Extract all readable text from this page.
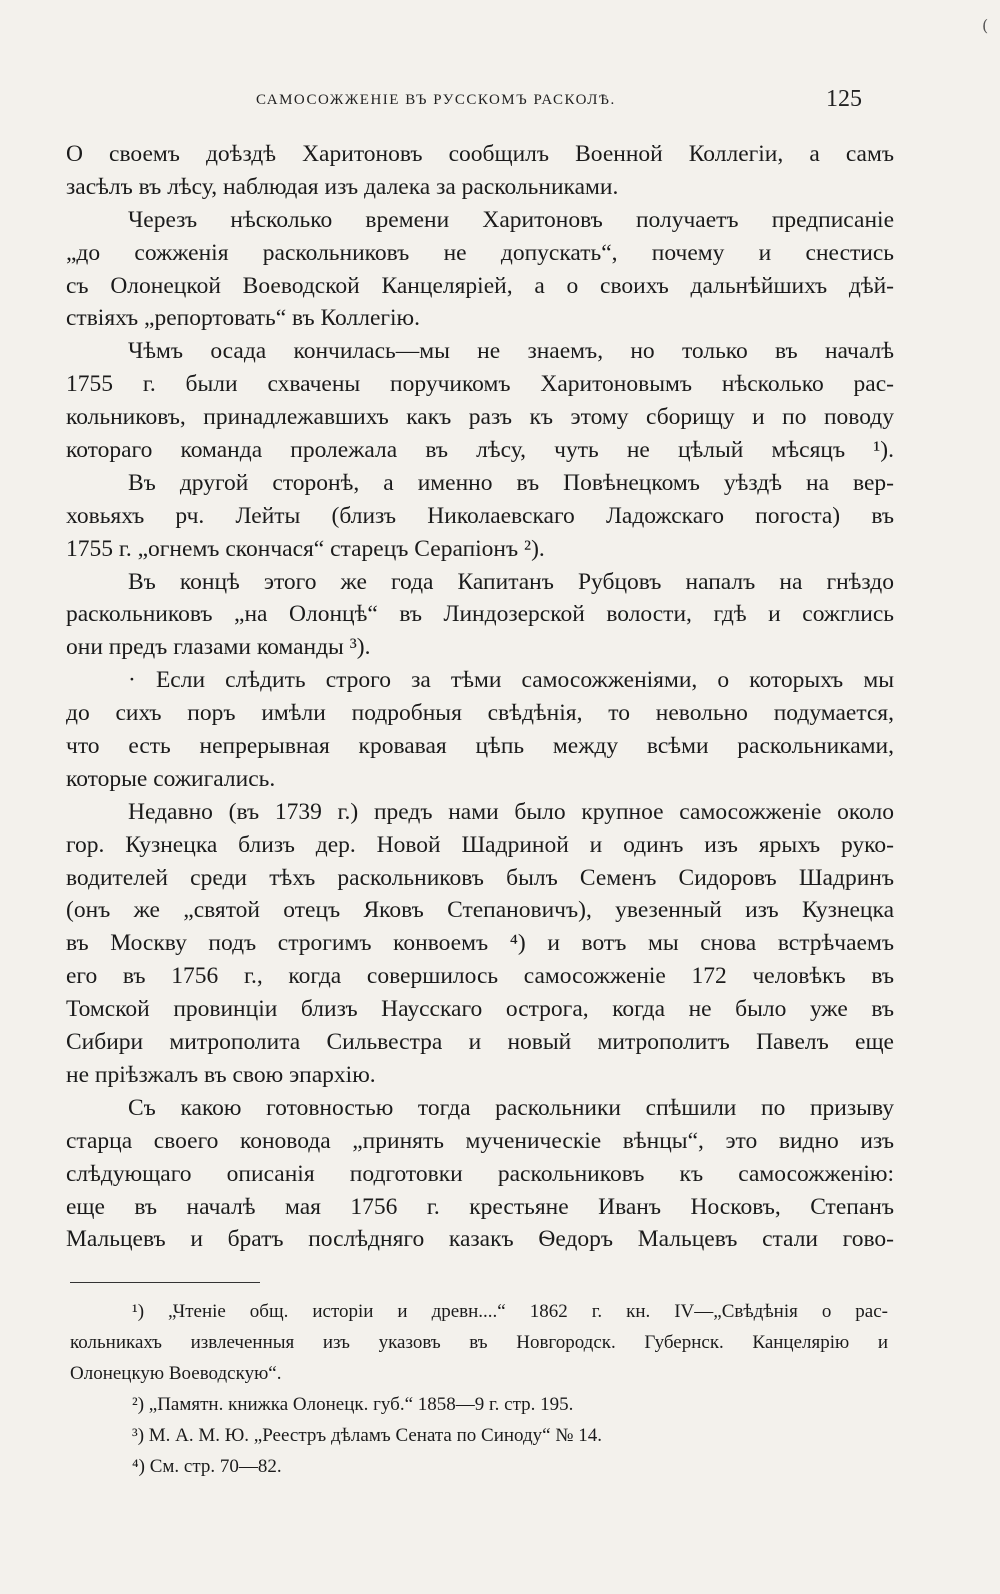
(
САМОСОЖЖЕНІЕ ВЪ РУССКОМЪ РАСКОЛѢ.	125
О своемъ доѣздѣ Харитоновъ сообщилъ Военной Коллегіи, а самъ
засѣлъ въ лѣсу, наблюдая изъ далека за раскольниками.
Черезъ нѣсколько времени Харитоновъ получаетъ предписаніе
„до сожженія раскольниковъ не допускать“, почему и снестись
съ Олонецкой Воеводской Канцеляріей, а о своихъ дальнѣйшихъ дѣй-
ствіяхъ „репортовать“ въ Коллегію.
Чѣмъ осада кончилась—мы не знаемъ, но только въ началѣ
1755 г. были схвачены поручикомъ Харитоновымъ нѣсколько рас-
кольниковъ, принадлежавшихъ какъ разъ къ этому сборищу и по поводу
котораго команда пролежала въ лѣсу, чуть не цѣлый мѣсяцъ ¹).
Въ другой сторонѣ, а именно въ Повѣнецкомъ уѣздѣ на вер-
ховьяхъ рч. Лейты (близъ Николаевскаго Ладожскаго погоста) въ
1755 г. „огнемъ скончася“ старецъ Серапіонъ ²).
Въ концѣ этого же года Капитанъ Рубцовъ напалъ на гнѣздо
раскольниковъ „на Олонцѣ“ въ Линдозерской волости, гдѣ и сожглись
они предъ глазами команды ³).
· Если слѣдить строго за тѣми самосожженіями, о которыхъ мы
до сихъ поръ имѣли подробныя свѣдѣнія, то невольно подумается,
что есть непрерывная кровавая цѣпь между всѣми раскольниками,
которые сожигались.
Недавно (въ 1739 г.) предъ нами было крупное самосожженіе около
гор. Кузнецка близъ дер. Новой Шадриной и одинъ изъ ярыхъ руко-
водителей среди тѣхъ раскольниковъ былъ Семенъ Сидоровъ Шадринъ
(онъ же „святой отецъ Яковъ Степановичъ), увезенный изъ Кузнецка
въ Москву подъ строгимъ конвоемъ ⁴) и вотъ мы снова встрѣчаемъ
его въ 1756 г., когда совершилось самосожженіе 172 человѣкъ въ
Томской провинціи близъ Наусскаго острога, когда не было уже въ
Сибири митрополита Сильвестра и новый митрополитъ Павелъ еще
не пріѣзжалъ въ свою эпархію.
Съ какою готовностью тогда раскольники спѣшили по призыву
старца своего коновода „принять мученическіе вѣнцы“, это видно изъ
слѣдующаго описанія подготовки раскольниковъ къ самосожженію:
еще въ началѣ мая 1756 г. крестьяне Иванъ Носковъ, Степанъ
Мальцевъ и братъ послѣдняго казакъ Ѳедоръ Мальцевъ стали гово-
¹) „Чтеніе общ. исторіи и древн....“ 1862 г. кн. IV—„Свѣдѣнія о рас-
кольникахъ извлеченныя изъ указовъ въ Новгородск. Губернск. Канцелярію и
Олонецкую Воеводскую“.
²) „Памятн. книжка Олонецк. губ.“ 1858—9 г. стр. 195.
³) М. А. М. Ю. „Реестръ дѣламъ Сената по Синоду“ № 14.
⁴) См. стр. 70—82.
